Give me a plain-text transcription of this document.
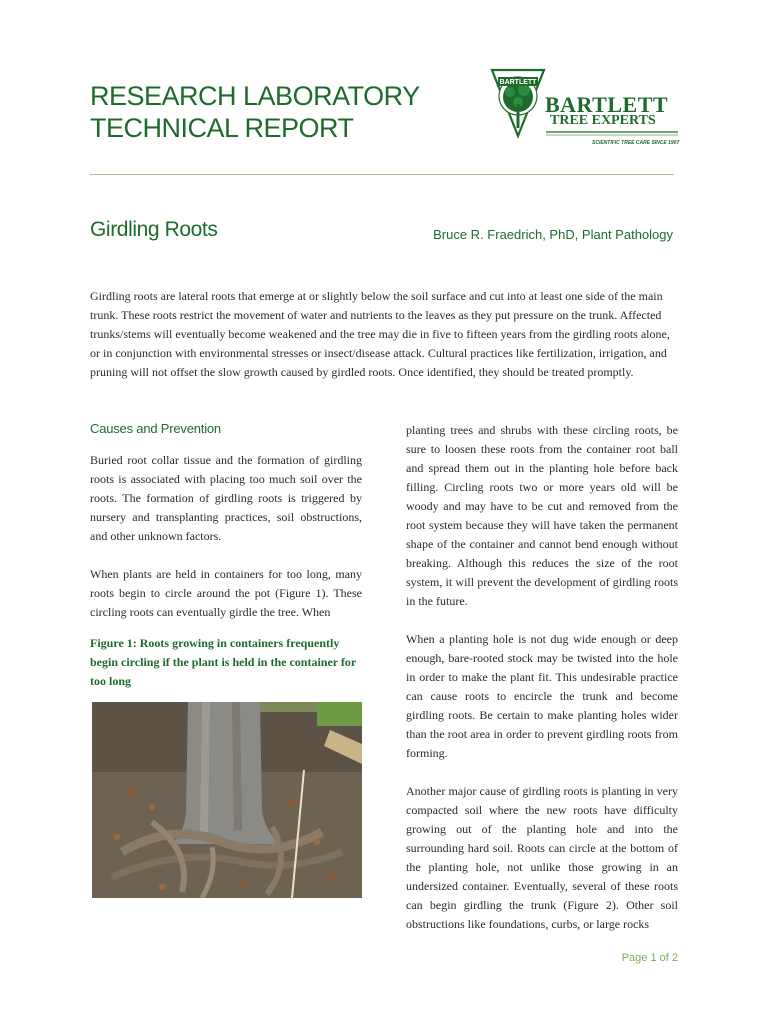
RESEARCH LABORATORY
TECHNICAL REPORT
BARTLETT
BARTLETT
TREE EXPERTS
SCIENTIFIC TREE CARE SINCE 1907
Girdling Roots	Bruce R. Fraedrich, PhD, Plant Pathology

Girdling roots are lateral roots that emerge at or slightly below the soil surface and cut into at least one side of the main trunk. These roots restrict the movement of water and nutrients to the leaves as they put pressure on the trunk. Affected trunks/stems will eventually become weakened and the tree may die in five to fifteen years from the girdling roots alone, or in conjunction with environmental stresses or insect/disease attack. Cultural practices like fertilization, irrigation, and pruning will not offset the slow growth caused by girdled roots. Once identified, they should be treated promptly.

Causes and Prevention

Buried root collar tissue and the formation of girdling roots is associated with placing too much soil over the roots. The formation of girdling roots is triggered by nursery and transplanting practices, soil obstructions, and other unknown factors.

When plants are held in containers for too long, many roots begin to circle around the pot (Figure 1). These circling roots can eventually girdle the tree. When

Figure 1: Roots growing in containers frequently begin circling if the plant is held in the container for too long

planting trees and shrubs with these circling roots, be sure to loosen these roots from the container root ball and spread them out in the planting hole before back filling. Circling roots two or more years old will be woody and may have to be cut and removed from the root system because they will have taken the permanent shape of the container and cannot bend enough without breaking. Although this reduces the size of the root system, it will prevent the development of girdling roots in the future.

When a planting hole is not dug wide enough or deep enough, bare-rooted stock may be twisted into the hole in order to make the plant fit. This undesirable practice can cause roots to encircle the trunk and become girdling roots. Be certain to make planting holes wider than the root area in order to prevent girdling roots from forming.

Another major cause of girdling roots is planting in very compacted soil where the new roots have difficulty growing out of the planting hole and into the surrounding hard soil. Roots can circle at the bottom of the planting hole, not unlike those growing in an undersized container. Eventually, several of these roots can begin girdling the trunk (Figure 2). Other soil obstructions like foundations, curbs, or large rocks

Page 1 of 2
